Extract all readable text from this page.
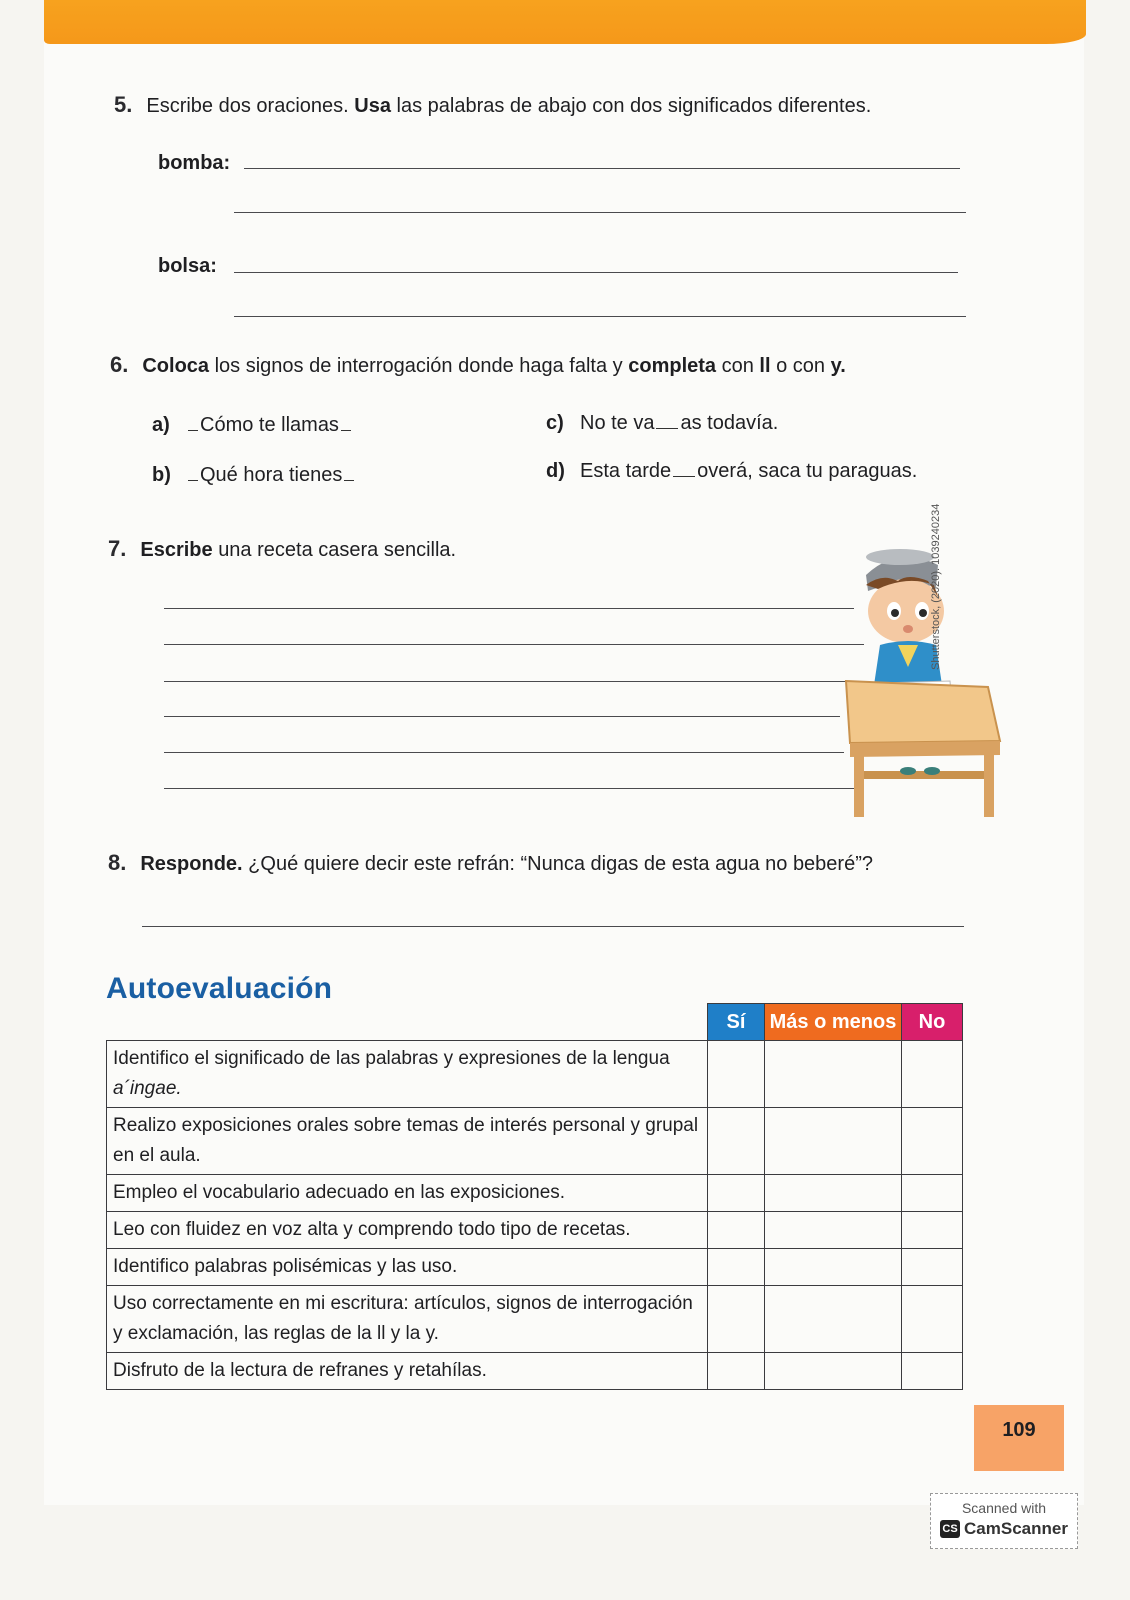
5. Escribe dos oraciones. Usa las palabras de abajo con dos significados diferentes.
bomba:
bolsa:
6. Coloca los signos de interrogación donde haga falta y completa con ll o con y.
a) Cómo te llamas
b) Qué hora tienes
c) No te va as todavía.
d) Esta tarde overá, saca tu paraguas.
7. Escribe una receta casera sencilla.	Shutterstock, (2020). 1039240234
8. Responde. ¿Qué quiere decir este refrán: “Nunca digas de esta agua no beberé”?
Autoevaluación
	Sí	Más o menos	No
Identifico el significado de las palabras y expresiones de la lengua
a´ingae.			
Realizo exposiciones orales sobre temas de interés personal y grupal
en el aula.			
Empleo el vocabulario adecuado en las exposiciones.			
Leo con fluidez en voz alta y comprendo todo tipo de recetas.			
Identifico palabras polisémicas y las uso.			
Uso correctamente en mi escritura: artículos, signos de interrogación
y exclamación, las reglas de la ll y la y.			
Disfruto de la lectura de refranes y retahílas.			
109
Scanned with
CS CamScanner
